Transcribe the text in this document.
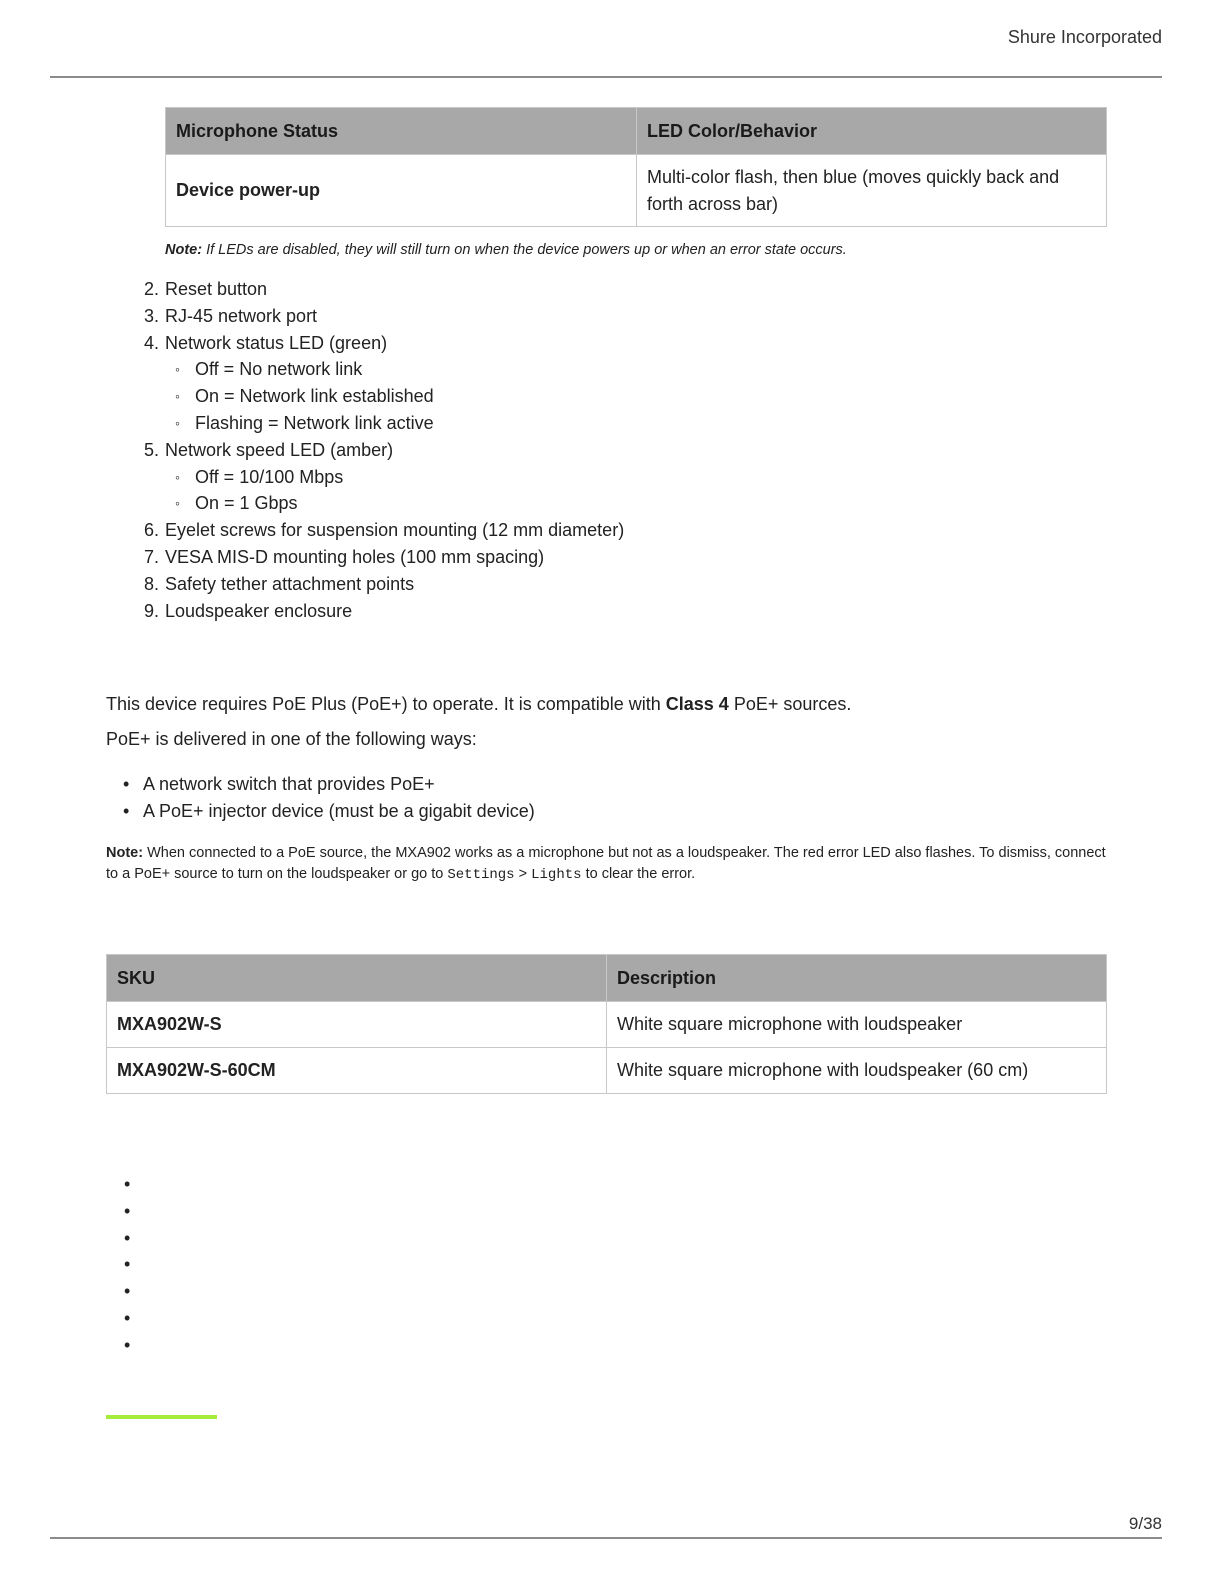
Shure Incorporated
Microphone Status	LED Color/Behavior
Device power-up	Multi-color flash, then blue (moves quickly back and forth across bar)
Note: If LEDs are disabled, they will still turn on when the device powers up or when an error state occurs.
2 . Reset button
3 . RJ-45 network port
4 . Network status LED (green)
◦ Off = No network link
◦ On = Network link established
◦ Flashing = Network link active
5 . Network speed LED (amber)
◦ Off = 10/100 Mbps
◦ On = 1 Gbps
6 . Eyelet screws for suspension mounting (12 mm diameter)
7 . VESA MIS-D mounting holes (100 mm spacing)
8 . Safety tether attachment points
9 . Loudspeaker enclosure
This device requires PoE Plus (PoE+) to operate. It is compatible with Class 4 PoE+ sources.
PoE+ is delivered in one of the following ways:
• A network switch that provides PoE+
• A PoE+ injector device (must be a gigabit device)
Note: When connected to a PoE source, the MXA902 works as a microphone but not as a loudspeaker. The red error LED also flashes. To dismiss, connect to a PoE+ source to turn on the loudspeaker or go to Settings > Lights to clear the error.
SKU	Description
MXA902W-S	White square microphone with loudspeaker
MXA902W-S-60CM	White square microphone with loudspeaker (60 cm)
•
•
•
•
•
•
•
9/38
